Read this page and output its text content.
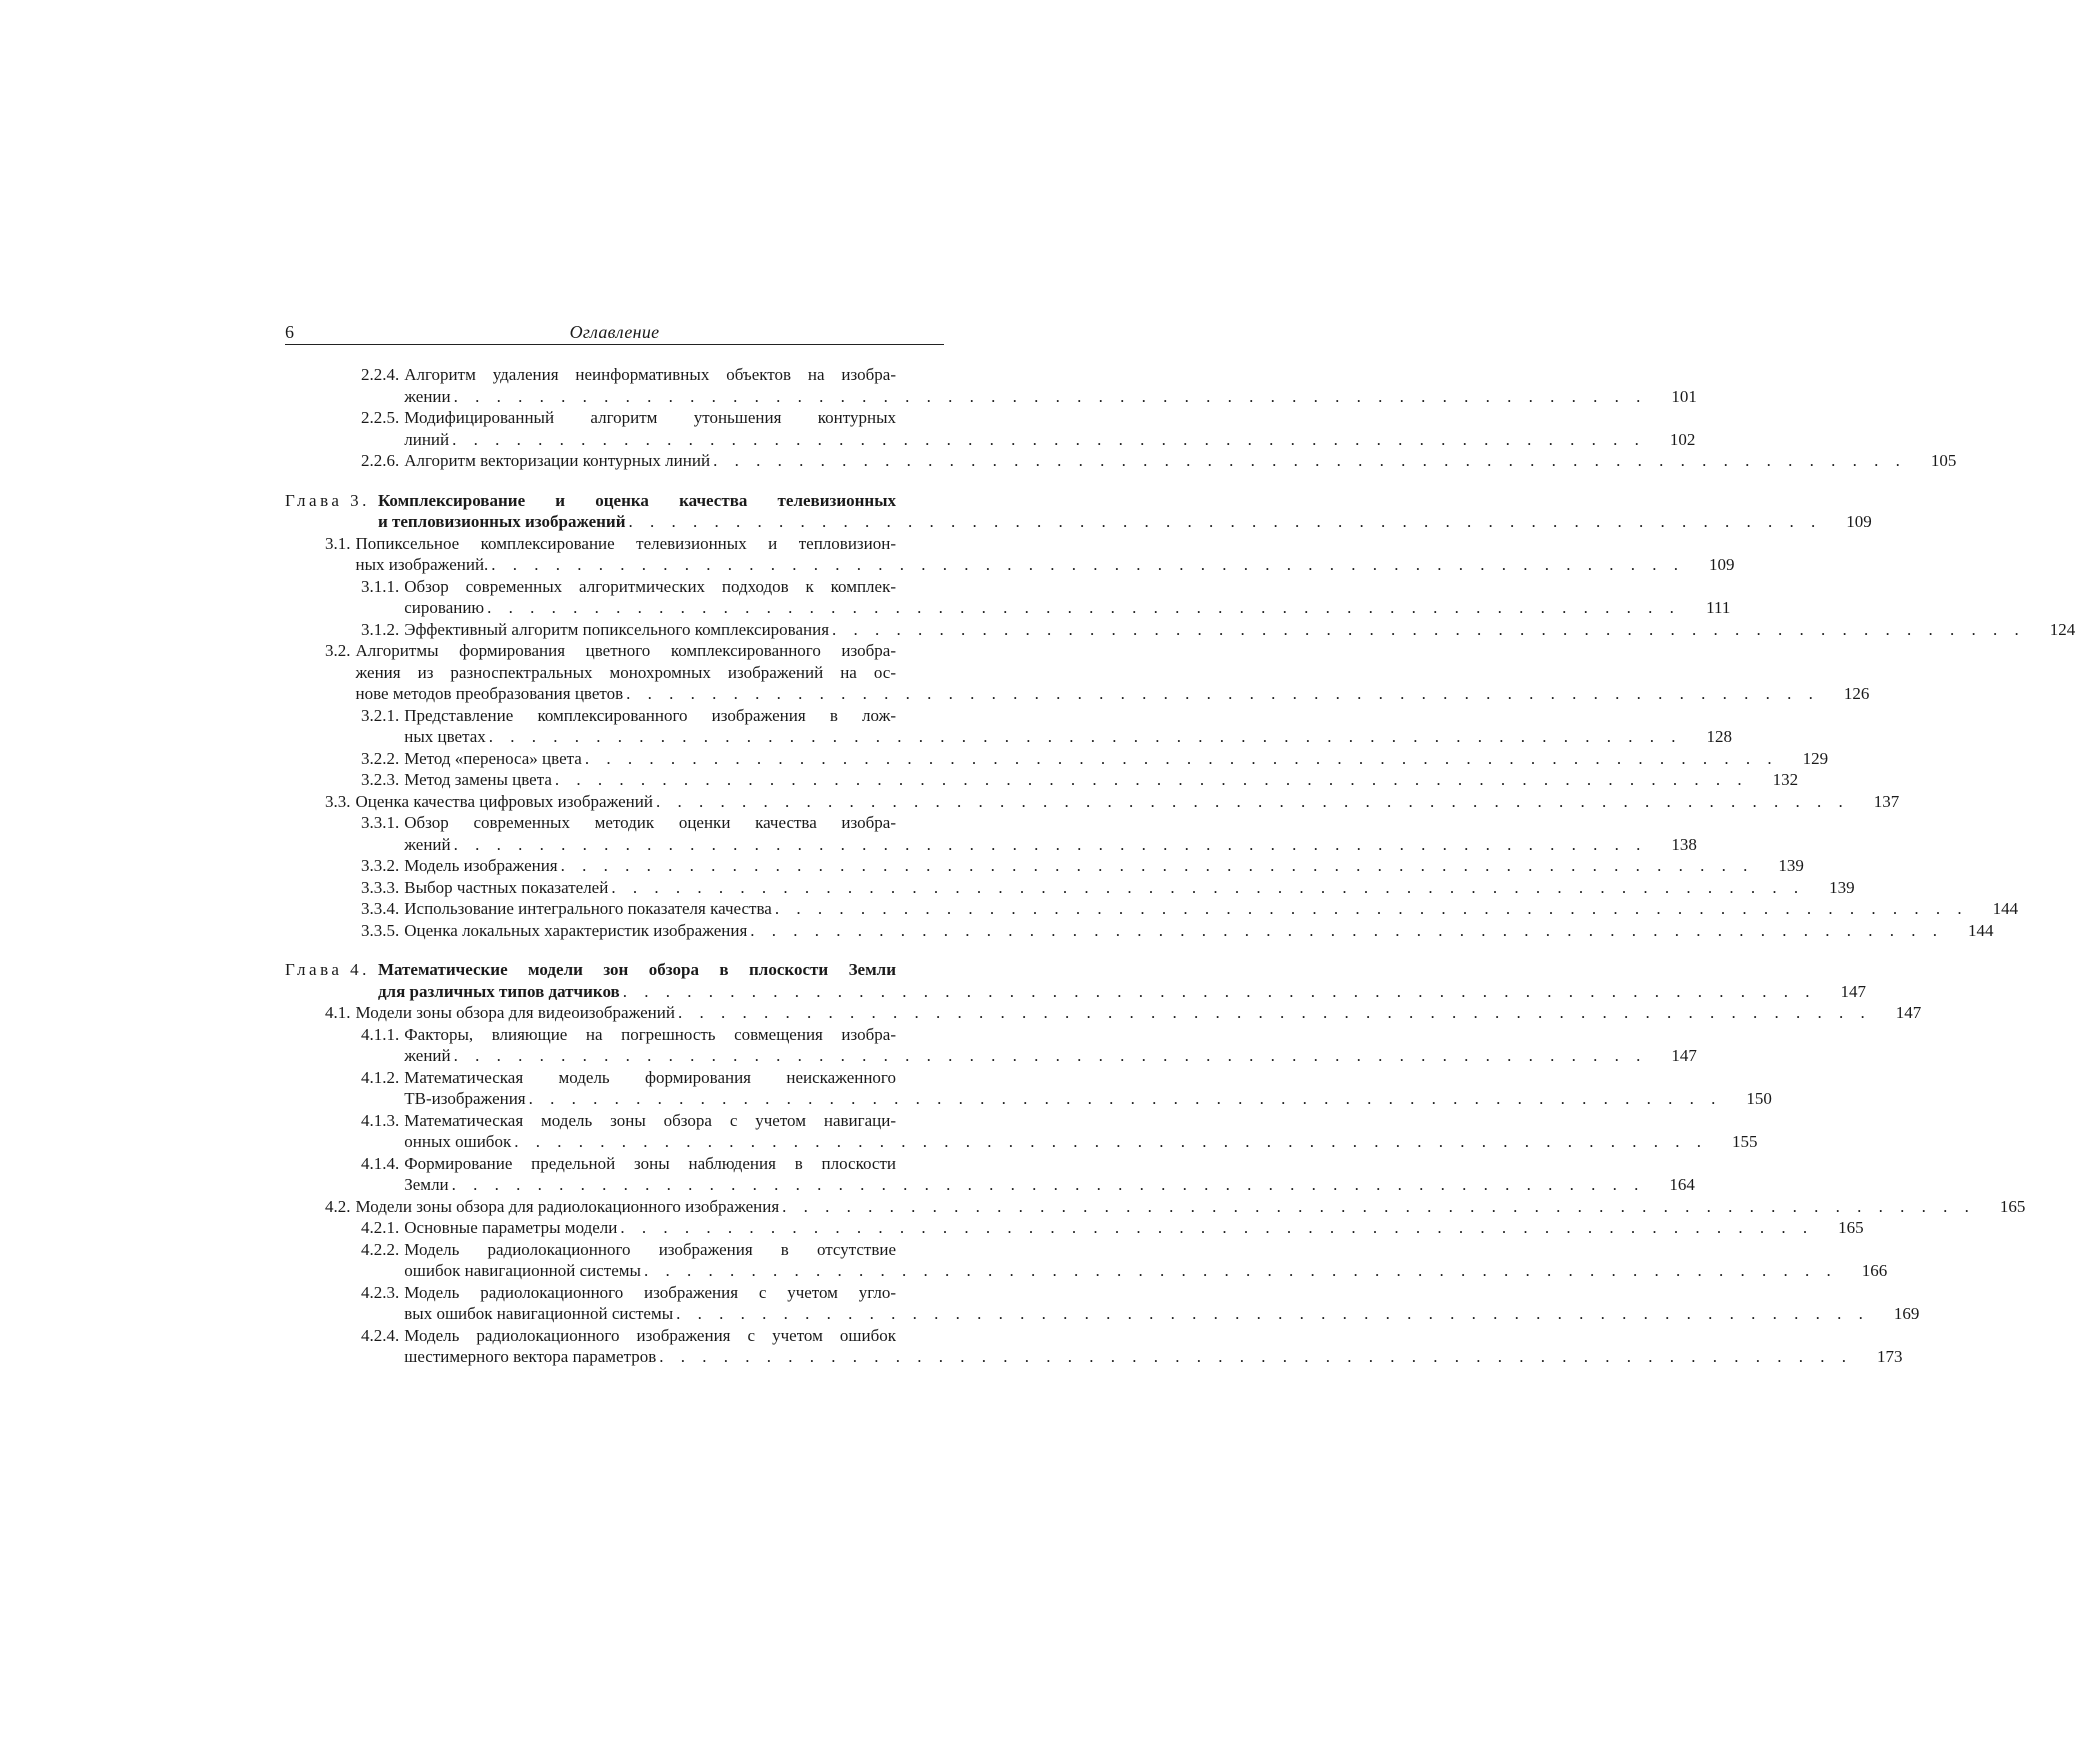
6	Оглавление
2.2.4. Алгоритм удаления неинформативных объектов на изобра-
жении . . . . . . . . . . . . . . . . . . . . . . . . . . . . . . . . . . . . . . . . . . . . . . . . . . . . . . . .	101
2.2.5. Модифицированный алгоритм утоньшения контурных
линий . . . . . . . . . . . . . . . . . . . . . . . . . . . . . . . . . . . . . . . . . . . . . . . . . . . . . . . .	102
2.2.6. Алгоритм векторизации контурных линий . . . . . . . . . . . . . . . . . . . . . . . . . . . . . . . . . . . . . . . . . . . . . . . . . . . . . . . .	105
Глава 3. Комплексирование и оценка качества телевизионных
и тепловизионных изображений . . . . . . . . . . . . . . . . . . . . . . . . . . . . . . . . . . . . . . . . . . . . . . . . . . . . . . . .	109
3.1. Попиксельное комплексирование телевизионных и тепловизион-
ных изображений. . . . . . . . . . . . . . . . . . . . . . . . . . . . . . . . . . . . . . . . . . . . . . . . . . . . . . . . .	109
3.1.1. Обзор современных алгоритмических подходов к комплек-
сированию . . . . . . . . . . . . . . . . . . . . . . . . . . . . . . . . . . . . . . . . . . . . . . . . . . . . . . . .	111
3.1.2. Эффективный алгоритм попиксельного комплексирования . . . . . . . . . . . . . . . . . . . . . . . . . . . . . . . . . . . . . . . . . . . . . . . . . . . . . . . .	124
3.2. Алгоритмы формирования цветного комплексированного изобра-
жения из разноспектральных монохромных изображений на ос-
нове методов преобразования цветов . . . . . . . . . . . . . . . . . . . . . . . . . . . . . . . . . . . . . . . . . . . . . . . . . . . . . . . .	126
3.2.1. Представление комплексированного изображения в лож-
ных цветах . . . . . . . . . . . . . . . . . . . . . . . . . . . . . . . . . . . . . . . . . . . . . . . . . . . . . . . .	128
3.2.2. Метод «переноса» цвета . . . . . . . . . . . . . . . . . . . . . . . . . . . . . . . . . . . . . . . . . . . . . . . . . . . . . . . .	129
3.2.3. Метод замены цвета . . . . . . . . . . . . . . . . . . . . . . . . . . . . . . . . . . . . . . . . . . . . . . . . . . . . . . . .	132
3.3. Оценка качества цифровых изображений . . . . . . . . . . . . . . . . . . . . . . . . . . . . . . . . . . . . . . . . . . . . . . . . . . . . . . . .	137
3.3.1. Обзор современных методик оценки качества изобра-
жений . . . . . . . . . . . . . . . . . . . . . . . . . . . . . . . . . . . . . . . . . . . . . . . . . . . . . . . .	138
3.3.2. Модель изображения . . . . . . . . . . . . . . . . . . . . . . . . . . . . . . . . . . . . . . . . . . . . . . . . . . . . . . . .	139
3.3.3. Выбор частных показателей . . . . . . . . . . . . . . . . . . . . . . . . . . . . . . . . . . . . . . . . . . . . . . . . . . . . . . . .	139
3.3.4. Использование интегрального показателя качества . . . . . . . . . . . . . . . . . . . . . . . . . . . . . . . . . . . . . . . . . . . . . . . . . . . . . . . .	144
3.3.5. Оценка локальных характеристик изображения . . . . . . . . . . . . . . . . . . . . . . . . . . . . . . . . . . . . . . . . . . . . . . . . . . . . . . . .	144
Глава 4. Математические модели зон обзора в плоскости Земли
для различных типов датчиков . . . . . . . . . . . . . . . . . . . . . . . . . . . . . . . . . . . . . . . . . . . . . . . . . . . . . . . .	147
4.1. Модели зоны обзора для видеоизображений . . . . . . . . . . . . . . . . . . . . . . . . . . . . . . . . . . . . . . . . . . . . . . . . . . . . . . . .	147
4.1.1. Факторы, влияющие на погрешность совмещения изобра-
жений . . . . . . . . . . . . . . . . . . . . . . . . . . . . . . . . . . . . . . . . . . . . . . . . . . . . . . . .	147
4.1.2. Математическая модель формирования неискаженного
ТВ-изображения . . . . . . . . . . . . . . . . . . . . . . . . . . . . . . . . . . . . . . . . . . . . . . . . . . . . . . . .	150
4.1.3. Математическая модель зоны обзора с учетом навигаци-
онных ошибок . . . . . . . . . . . . . . . . . . . . . . . . . . . . . . . . . . . . . . . . . . . . . . . . . . . . . . . .	155
4.1.4. Формирование предельной зоны наблюдения в плоскости
Земли . . . . . . . . . . . . . . . . . . . . . . . . . . . . . . . . . . . . . . . . . . . . . . . . . . . . . . . .	164
4.2. Модели зоны обзора для радиолокационного изображения . . . . . . . . . . . . . . . . . . . . . . . . . . . . . . . . . . . . . . . . . . . . . . . . . . . . . . . .	165
4.2.1. Основные параметры модели . . . . . . . . . . . . . . . . . . . . . . . . . . . . . . . . . . . . . . . . . . . . . . . . . . . . . . . .	165
4.2.2. Модель радиолокационного изображения в отсутствие
ошибок навигационной системы . . . . . . . . . . . . . . . . . . . . . . . . . . . . . . . . . . . . . . . . . . . . . . . . . . . . . . . .	166
4.2.3. Модель радиолокационного изображения с учетом угло-
вых ошибок навигационной системы . . . . . . . . . . . . . . . . . . . . . . . . . . . . . . . . . . . . . . . . . . . . . . . . . . . . . . . .	169
4.2.4. Модель радиолокационного изображения с учетом ошибок
шестимерного вектора параметров . . . . . . . . . . . . . . . . . . . . . . . . . . . . . . . . . . . . . . . . . . . . . . . . . . . . . . . .	173
